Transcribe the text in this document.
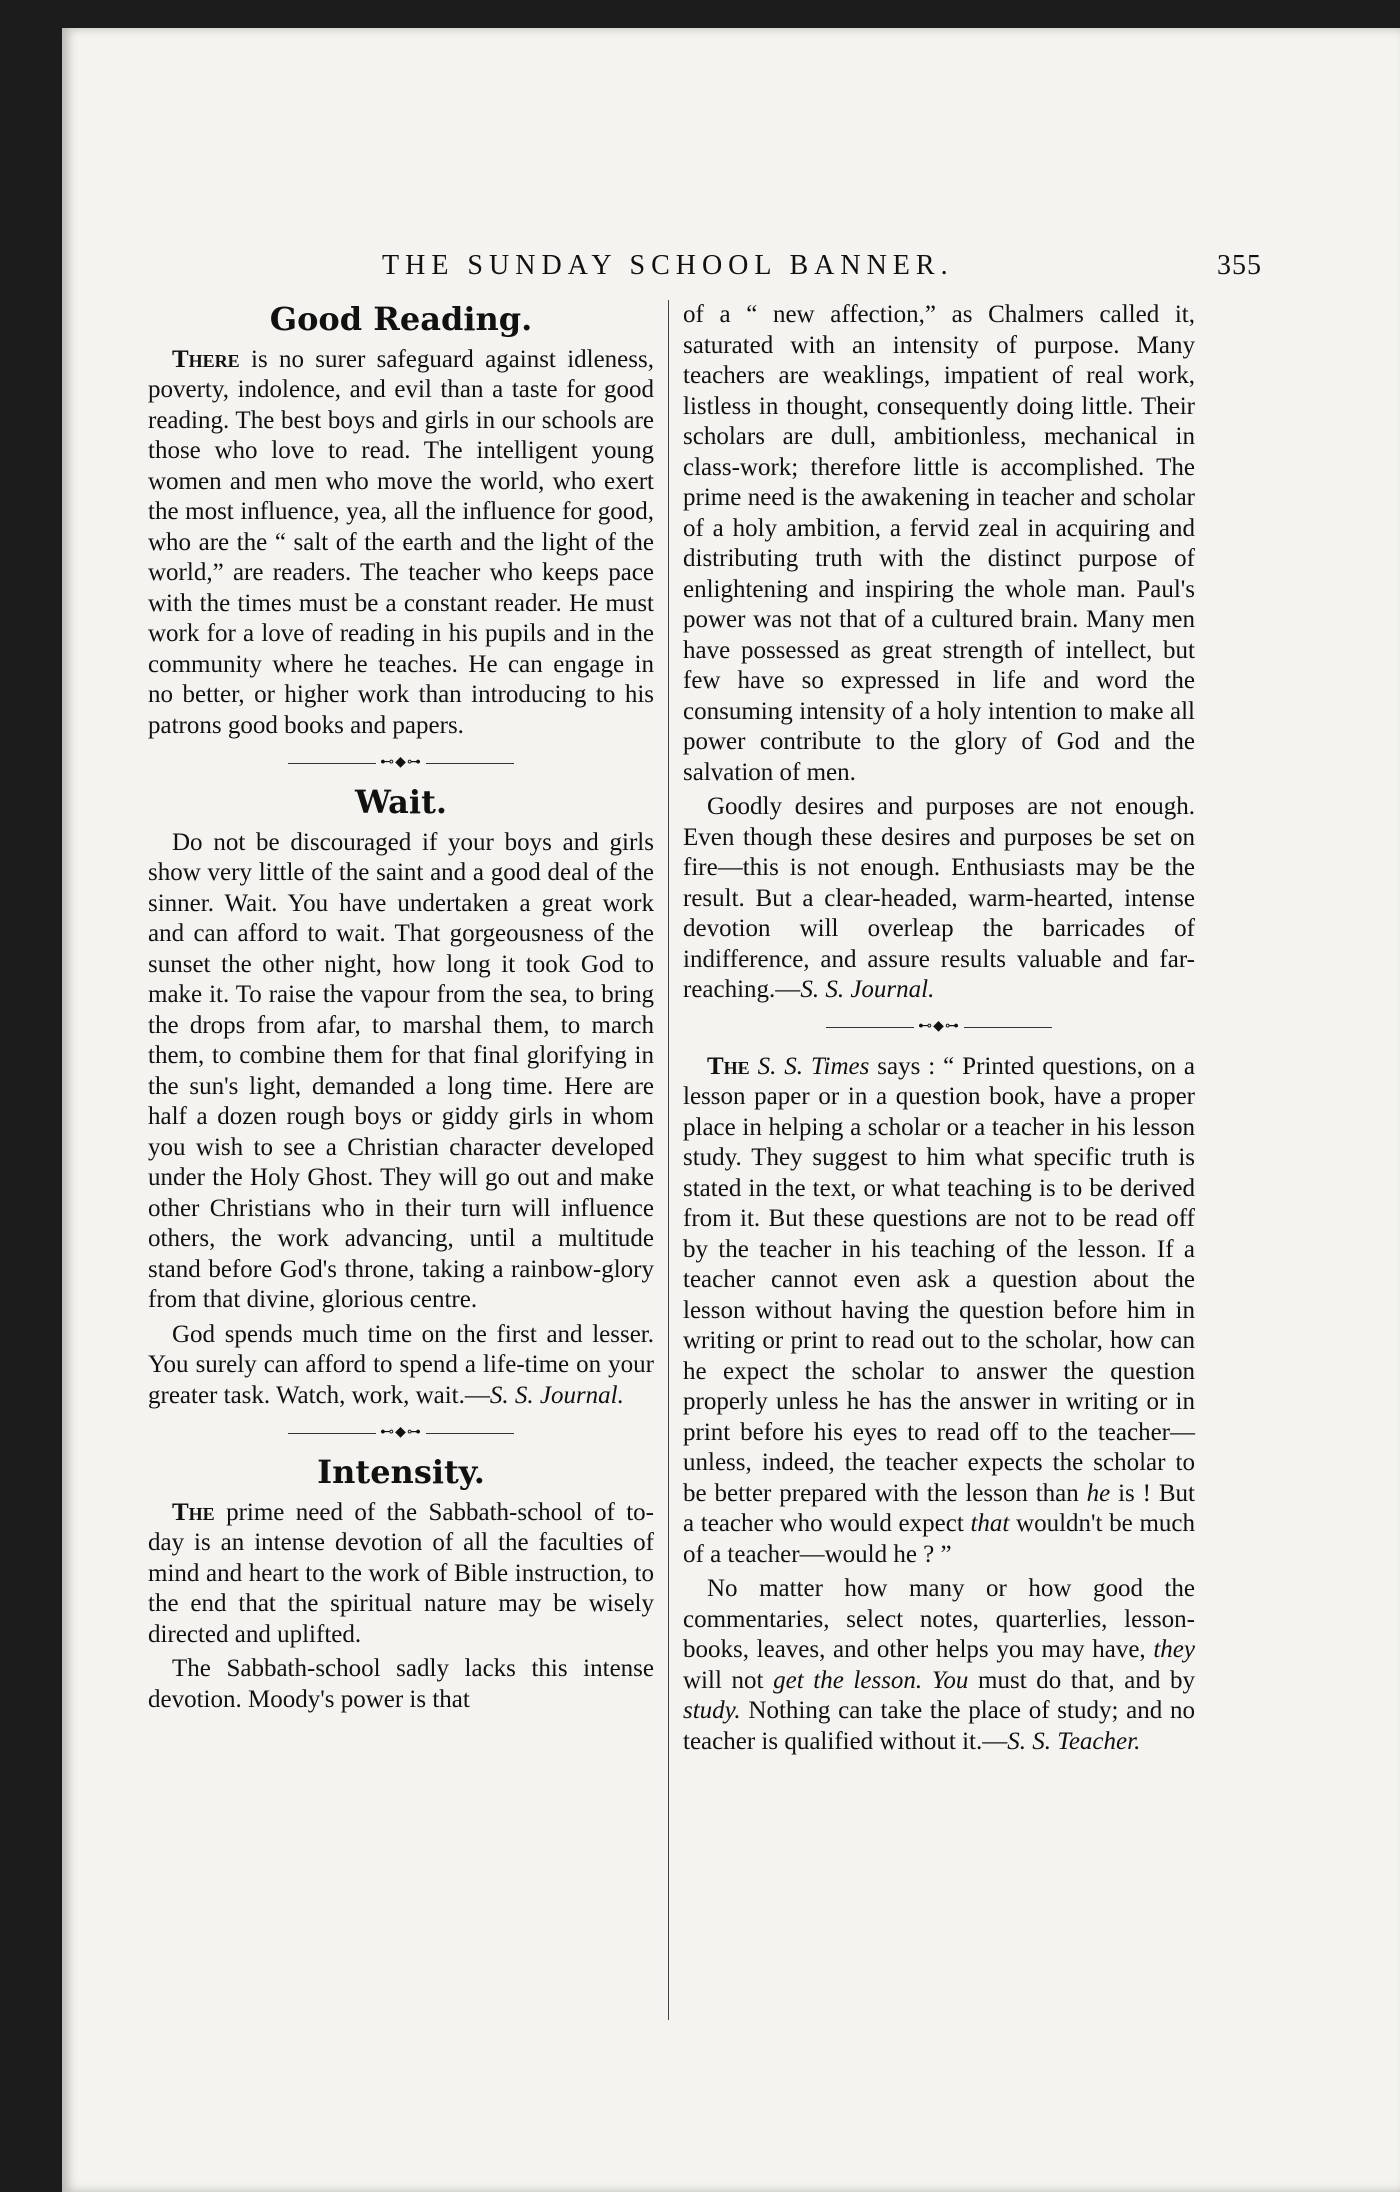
THE SUNDAY SCHOOL BANNER.	355
Good Reading.

There is no surer safeguard against idleness, poverty, indolence, and evil than a taste for good reading. The best boys and girls in our schools are those who love to read. The intelligent young women and men who move the world, who exert the most influence, yea, all the influence for good, who are the “ salt of the earth and the light of the world,” are readers. The teacher who keeps pace with the times must be a constant reader. He must work for a love of reading in his pupils and in the community where he teaches. He can engage in no better, or higher work than introducing to his patrons good books and papers.

⊷◆⊶
Wait.

Do not be discouraged if your boys and girls show very little of the saint and a good deal of the sinner. Wait. You have undertaken a great work and can afford to wait. That gorgeousness of the sunset the other night, how long it took God to make it. To raise the vapour from the sea, to bring the drops from afar, to marshal them, to march them, to combine them for that final glorifying in the sun's light, demanded a long time. Here are half a dozen rough boys or giddy girls in whom you wish to see a Christian character developed under the Holy Ghost. They will go out and make other Christians who in their turn will influence others, the work advancing, until a multitude stand before God's throne, taking a rainbow-glory from that divine, glorious centre.

God spends much time on the first and lesser. You surely can afford to spend a life-time on your greater task. Watch, work, wait.—S. S. Journal.

⊷◆⊶
Intensity.

The prime need of the Sabbath-school of to-day is an intense devotion of all the faculties of mind and heart to the work of Bible instruction, to the end that the spiritual nature may be wisely directed and uplifted.

The Sabbath-school sadly lacks this intense devotion. Moody's power is that

of a “ new affection,” as Chalmers called it, saturated with an intensity of purpose. Many teachers are weaklings, impatient of real work, listless in thought, consequently doing little. Their scholars are dull, ambitionless, mechanical in class-work; therefore little is accomplished. The prime need is the awakening in teacher and scholar of a holy ambition, a fervid zeal in acquiring and distributing truth with the distinct purpose of enlightening and inspiring the whole man. Paul's power was not that of a cultured brain. Many men have possessed as great strength of intellect, but few have so expressed in life and word the consuming intensity of a holy intention to make all power contribute to the glory of God and the salvation of men.

Goodly desires and purposes are not enough. Even though these desires and purposes be set on fire—this is not enough. Enthusiasts may be the result. But a clear-headed, warm-hearted, intense devotion will overleap the barricades of indifference, and assure results valuable and far-reaching.—S. S. Journal.

⊷◆⊶

The S. S. Times says : “ Printed questions, on a lesson paper or in a question book, have a proper place in helping a scholar or a teacher in his lesson study. They suggest to him what specific truth is stated in the text, or what teaching is to be derived from it. But these questions are not to be read off by the teacher in his teaching of the lesson. If a teacher cannot even ask a question about the lesson without having the question before him in writing or print to read out to the scholar, how can he expect the scholar to answer the question properly unless he has the answer in writing or in print before his eyes to read off to the teacher—unless, indeed, the teacher expects the scholar to be better prepared with the lesson than he is ! But a teacher who would expect that wouldn't be much of a teacher—would he ? ”

No matter how many or how good the commentaries, select notes, quarterlies, lesson-books, leaves, and other helps you may have, they will not get the lesson. You must do that, and by study. Nothing can take the place of study; and no teacher is qualified without it.—S. S. Teacher.
